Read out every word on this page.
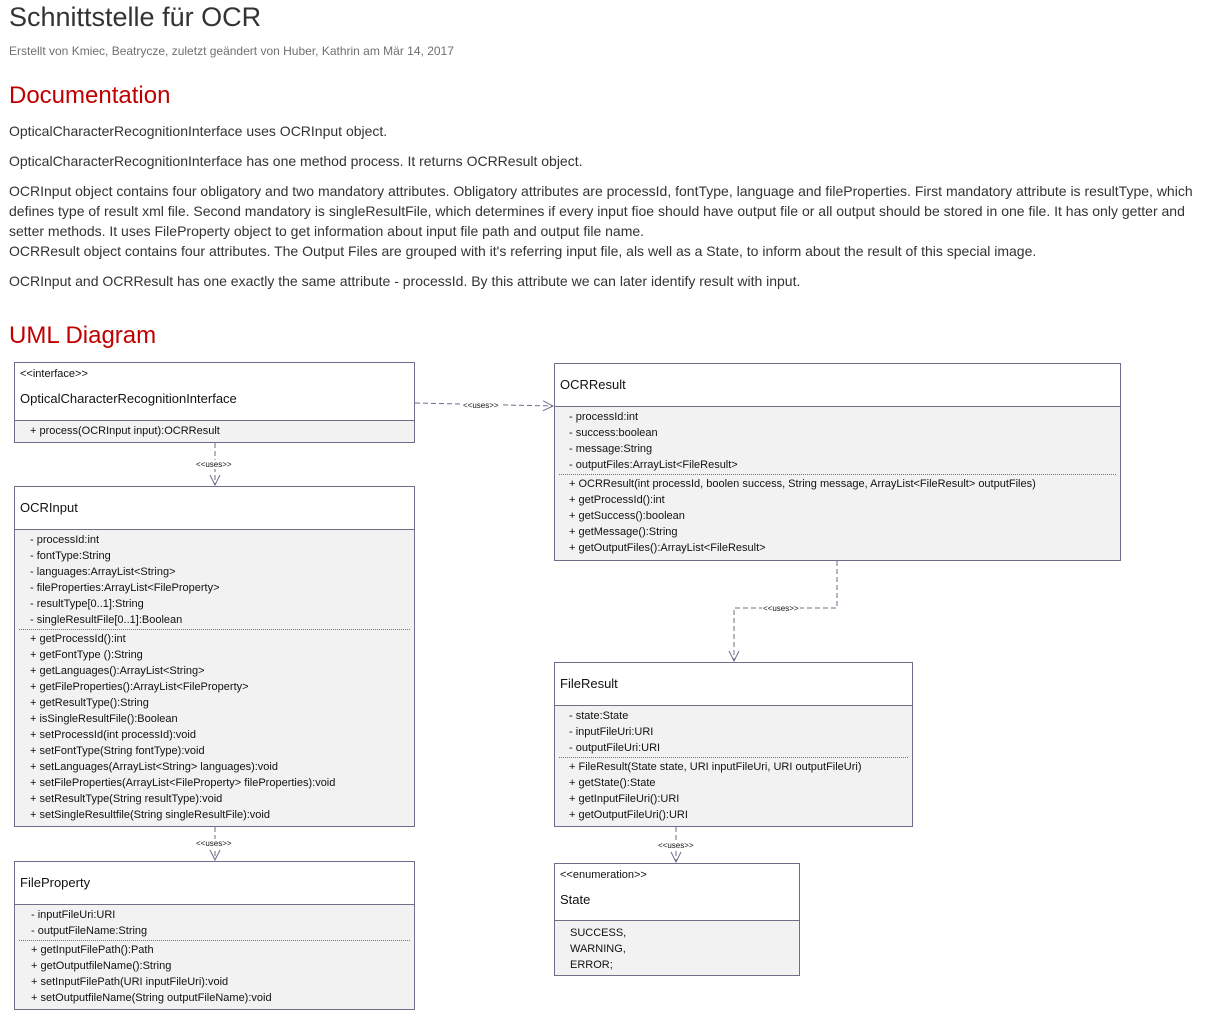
Schnittstelle für OCR
Erstellt von Kmiec, Beatrycze, zuletzt geändert von Huber, Kathrin am Mär 14, 2017
Documentation

OpticalCharacterRecognitionInterface uses OCRInput object.

OpticalCharacterRecognitionInterface has one method process. It returns OCRResult object.

OCRInput object contains four obligatory and two mandatory attributes. Obligatory attributes are processId, fontType, language and fileProperties. First mandatory attribute is resultType, which defines type of result xml file. Second mandatory is singleResultFile, which determines if every input fioe should have output file or all output should be stored in one file. It has only getter and setter methods. It uses FileProperty object to get information about input file path and output file name.

OCRResult object contains four attributes. The Output Files are grouped with it's referring input file, als well as a State, to inform about the result of this special image.

OCRInput and OCRResult has one exactly the same attribute - processId. By this attribute we can later identify result with input.

UML Diagram
<<uses>>
<<uses>>
<<uses>>
<<uses>>	<<uses>>
<<interface>>
OpticalCharacterRecognitionInterface
+ process(OCRInput input):OCRResult
OCRResult
- processId:int
- success:boolean
- message:String
- outputFiles:ArrayList<FileResult>
+ OCRResult(int processId, boolen success, String message, ArrayList<FileResult> outputFiles)
+ getProcessId():int
+ getSuccess():boolean
+ getMessage():String
+ getOutputFiles():ArrayList<FileResult>
OCRInput
- processId:int
- fontType:String
- languages:ArrayList<String>
- fileProperties:ArrayList<FileProperty>
- resultType[0..1]:String
- singleResultFile[0..1]:Boolean
+ getProcessId():int
+ getFontType ():String
+ getLanguages():ArrayList<String>
+ getFileProperties():ArrayList<FileProperty>
+ getResultType():String
+ isSingleResultFile():Boolean
+ setProcessId(int processId):void
+ setFontType(String fontType):void
+ setLanguages(ArrayList<String> languages):void
+ setFileProperties(ArrayList<FileProperty> fileProperties):void
+ setResultType(String resultType):void
+ setSingleResultfile(String singleResultFile):void
FileResult
- state:State
- inputFileUri:URI
- outputFileUri:URI
+ FileResult(State state, URI inputFileUri, URI outputFileUri)
+ getState():State
+ getInputFileUri():URI
+ getOutputFileUri():URI
FileProperty
- inputFileUri:URI
- outputFileName:String
+ getInputFilePath():Path
+ getOutputfileName():String
+ setInputFilePath(URI inputFileUri):void
+ setOutputfileName(String outputFileName):void
<<enumeration>>
State
SUCCESS,
WARNING,
ERROR;
